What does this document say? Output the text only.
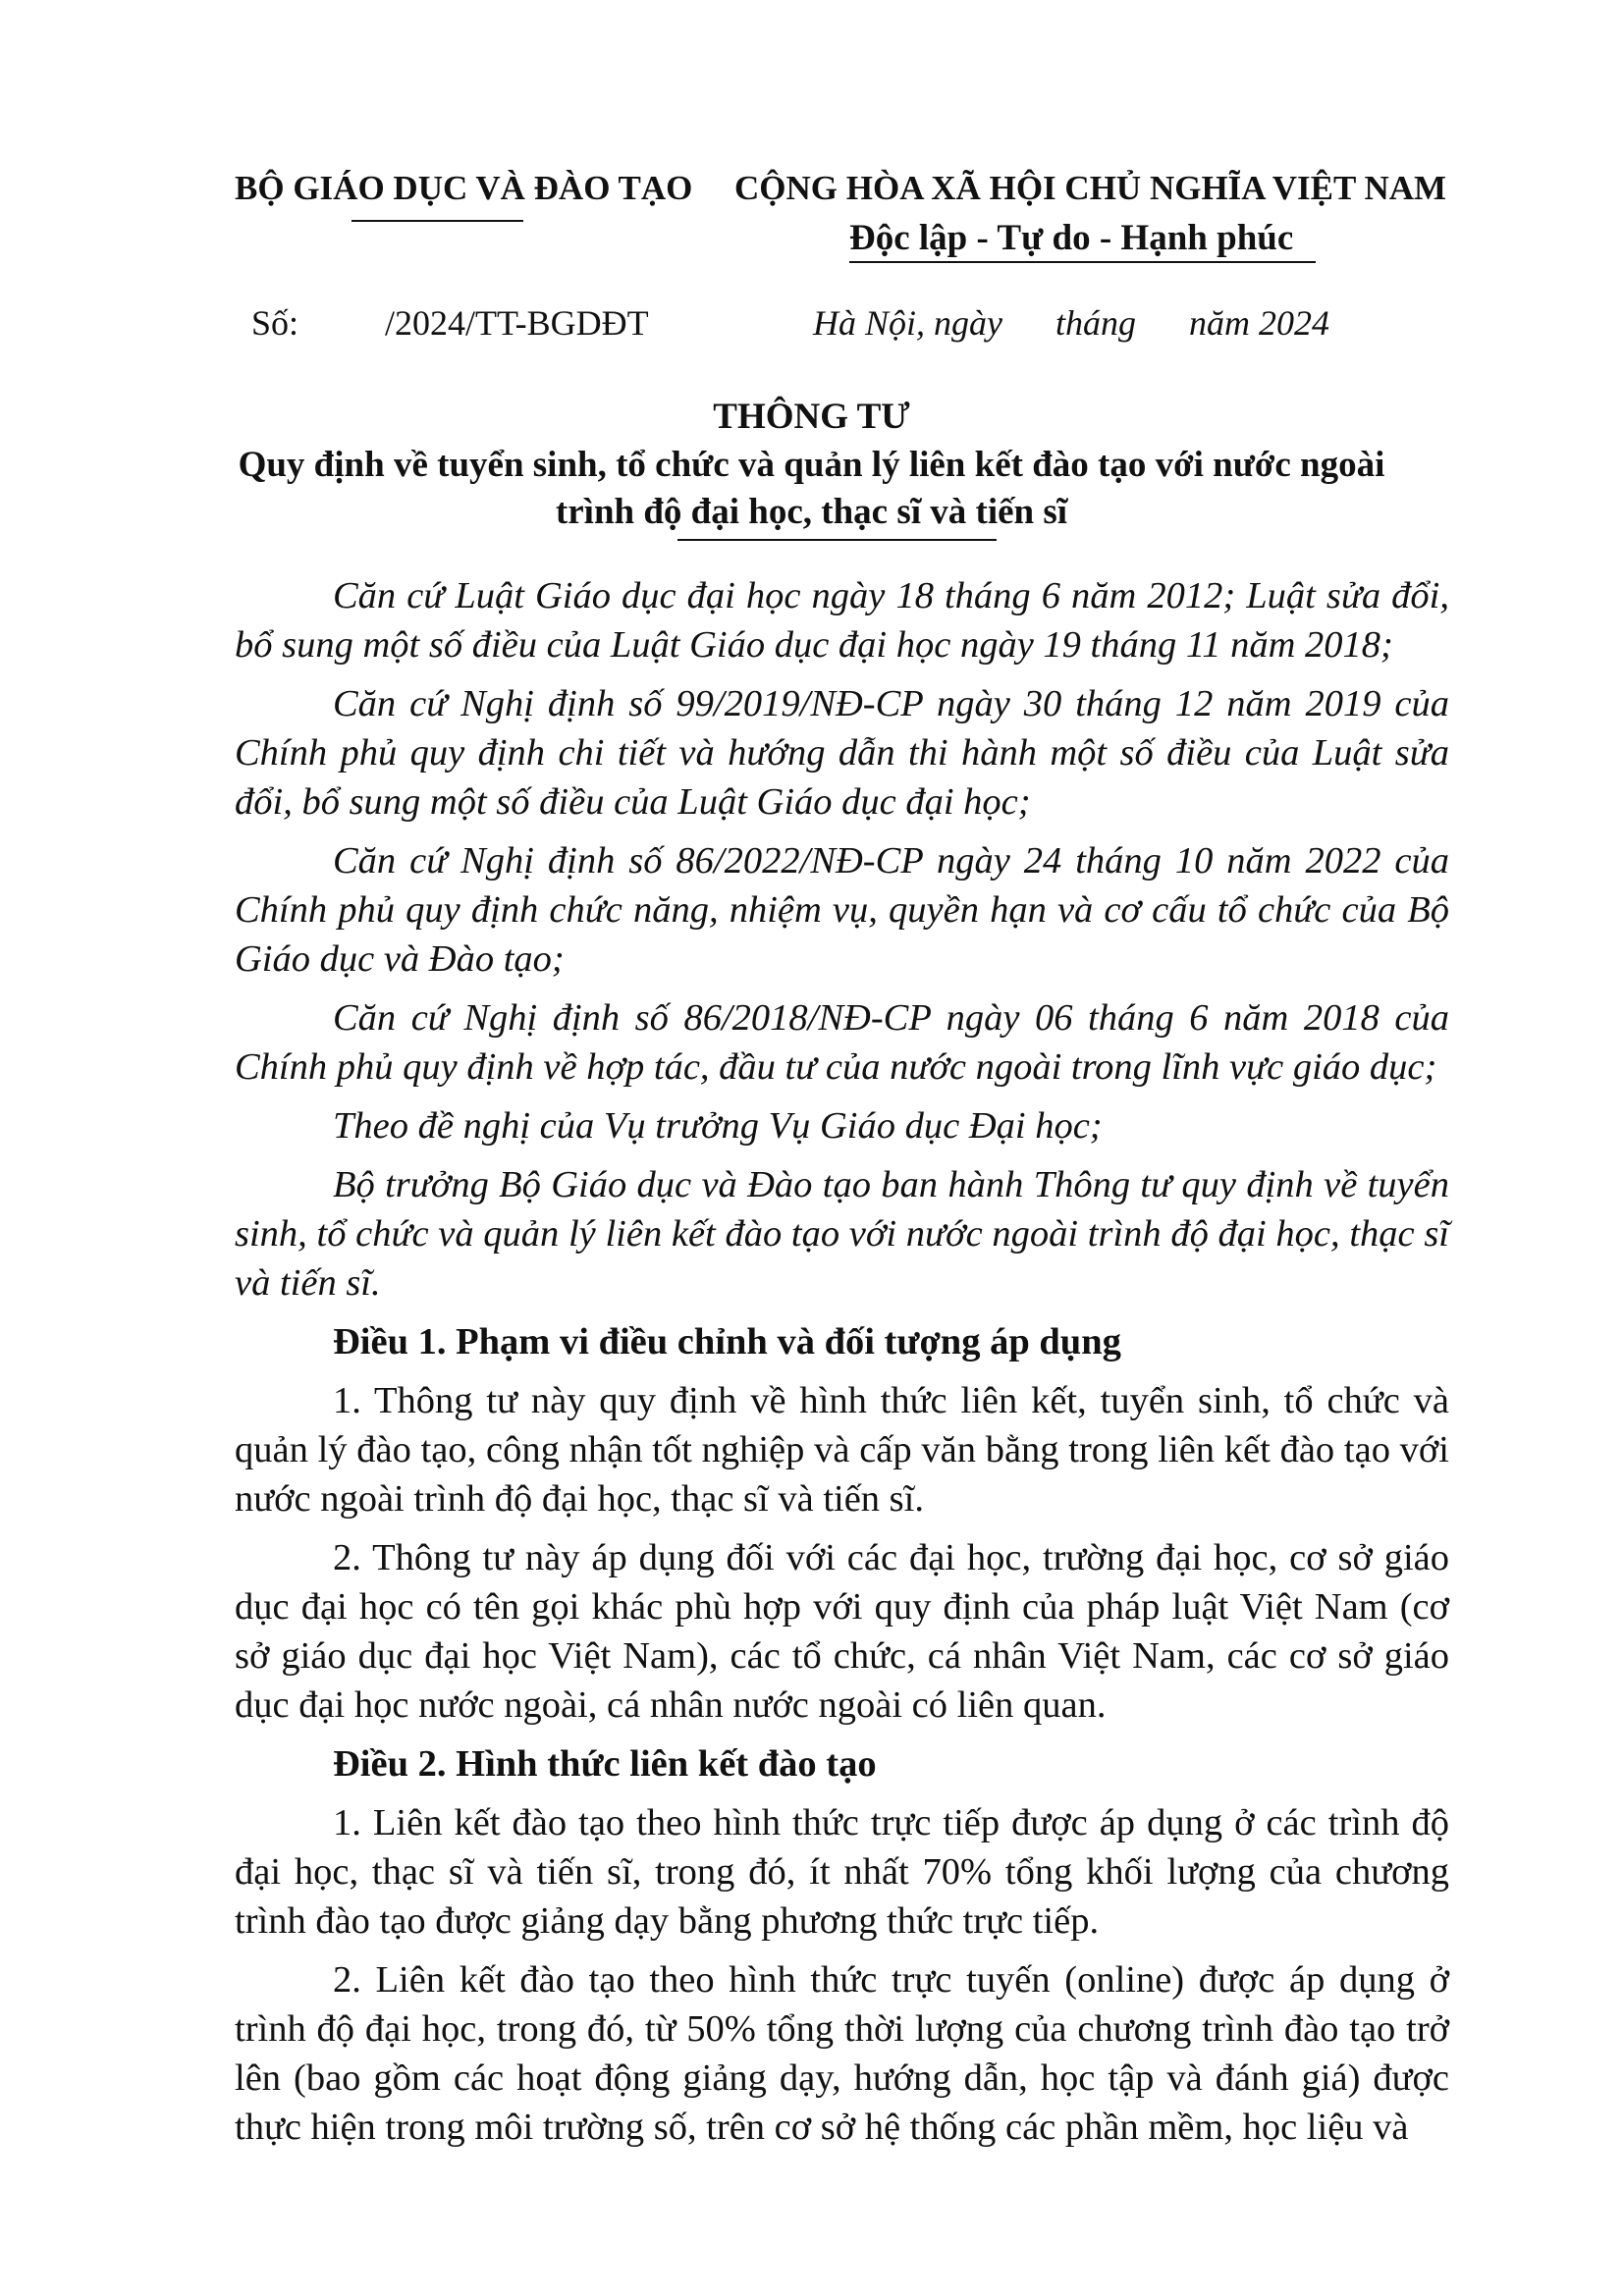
BỘ GIÁO DỤC VÀ ĐÀO TẠO CỘNG HÒA XÃ HỘI CHỦ NGHĨA VIỆT NAM
Độc lập - Tự do - Hạnh phúc
Số: /2024/TT-BGDĐT	Hà Nội, ngày      tháng      năm 2024
THÔNG TƯ
Quy định về tuyển sinh, tổ chức và quản lý liên kết đào tạo với nước ngoài
trình độ đại học, thạc sĩ và tiến sĩ

Căn cứ Luật Giáo dục đại học ngày 18 tháng 6 năm 2012; Luật sửa đổi, bổ sung một số điều của Luật Giáo dục đại học ngày 19 tháng 11 năm 2018;

Căn cứ Nghị định số 99/2019/NĐ-CP ngày 30 tháng 12 năm 2019 của Chính phủ quy định chi tiết và hướng dẫn thi hành một số điều của Luật sửa đổi, bổ sung một số điều của Luật Giáo dục đại học;

Căn cứ Nghị định số 86/2022/NĐ-CP ngày 24 tháng 10 năm 2022 của Chính phủ quy định chức năng, nhiệm vụ, quyền hạn và cơ cấu tổ chức của Bộ Giáo dục và Đào tạo;

Căn cứ Nghị định số 86/2018/NĐ-CP ngày 06 tháng 6 năm 2018 của Chính phủ quy định về hợp tác, đầu tư của nước ngoài trong lĩnh vực giáo dục;

Theo đề nghị của Vụ trưởng Vụ Giáo dục Đại học;

Bộ trưởng Bộ Giáo dục và Đào tạo ban hành Thông tư quy định về tuyển sinh, tổ chức và quản lý liên kết đào tạo với nước ngoài trình độ đại học, thạc sĩ và tiến sĩ.

Điều 1. Phạm vi điều chỉnh và đối tượng áp dụng

1. Thông tư này quy định về hình thức liên kết, tuyển sinh, tổ chức và quản lý đào tạo, công nhận tốt nghiệp và cấp văn bằng trong liên kết đào tạo với nước ngoài trình độ đại học, thạc sĩ và tiến sĩ.

2. Thông tư này áp dụng đối với các đại học, trường đại học, cơ sở giáo dục đại học có tên gọi khác phù hợp với quy định của pháp luật Việt Nam (cơ sở giáo dục đại học Việt Nam), các tổ chức, cá nhân Việt Nam, các cơ sở giáo dục đại học nước ngoài, cá nhân nước ngoài có liên quan.

Điều 2. Hình thức liên kết đào tạo

1. Liên kết đào tạo theo hình thức trực tiếp được áp dụng ở các trình độ đại học, thạc sĩ và tiến sĩ, trong đó, ít nhất 70% tổng khối lượng của chương trình đào tạo được giảng dạy bằng phương thức trực tiếp.

2. Liên kết đào tạo theo hình thức trực tuyến (online) được áp dụng ở trình độ đại học, trong đó, từ 50% tổng thời lượng của chương trình đào tạo trở lên (bao gồm các hoạt động giảng dạy, hướng dẫn, học tập và đánh giá) được thực hiện trong môi trường số, trên cơ sở hệ thống các phần mềm, học liệu và
